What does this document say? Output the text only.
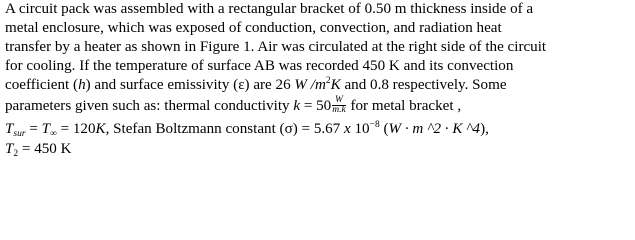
A circuit pack was assembled with a rectangular bracket of 0.50 m thickness inside of a
metal enclosure, which was exposed of conduction, convection, and radiation heat
transfer by a heater as shown in Figure 1. Air was circulated at the right side of the circuit
for cooling. If the temperature of surface AB was recorded 450 K and its convection
coefficient (h) and surface emissivity (ε) are 26 W $/m^2K$ and 0.8 respectively. Some
parameters given such as: thermal conductivity $k = 50 \frac{W}{m.k}$ for metal bracket ,
Tsur = T∞ = 120K, Stefan Boltzmann constant (σ) = 5.67 x $10^{-8}$ (W · m ^2 · K ^4),
T2 = 450 K
